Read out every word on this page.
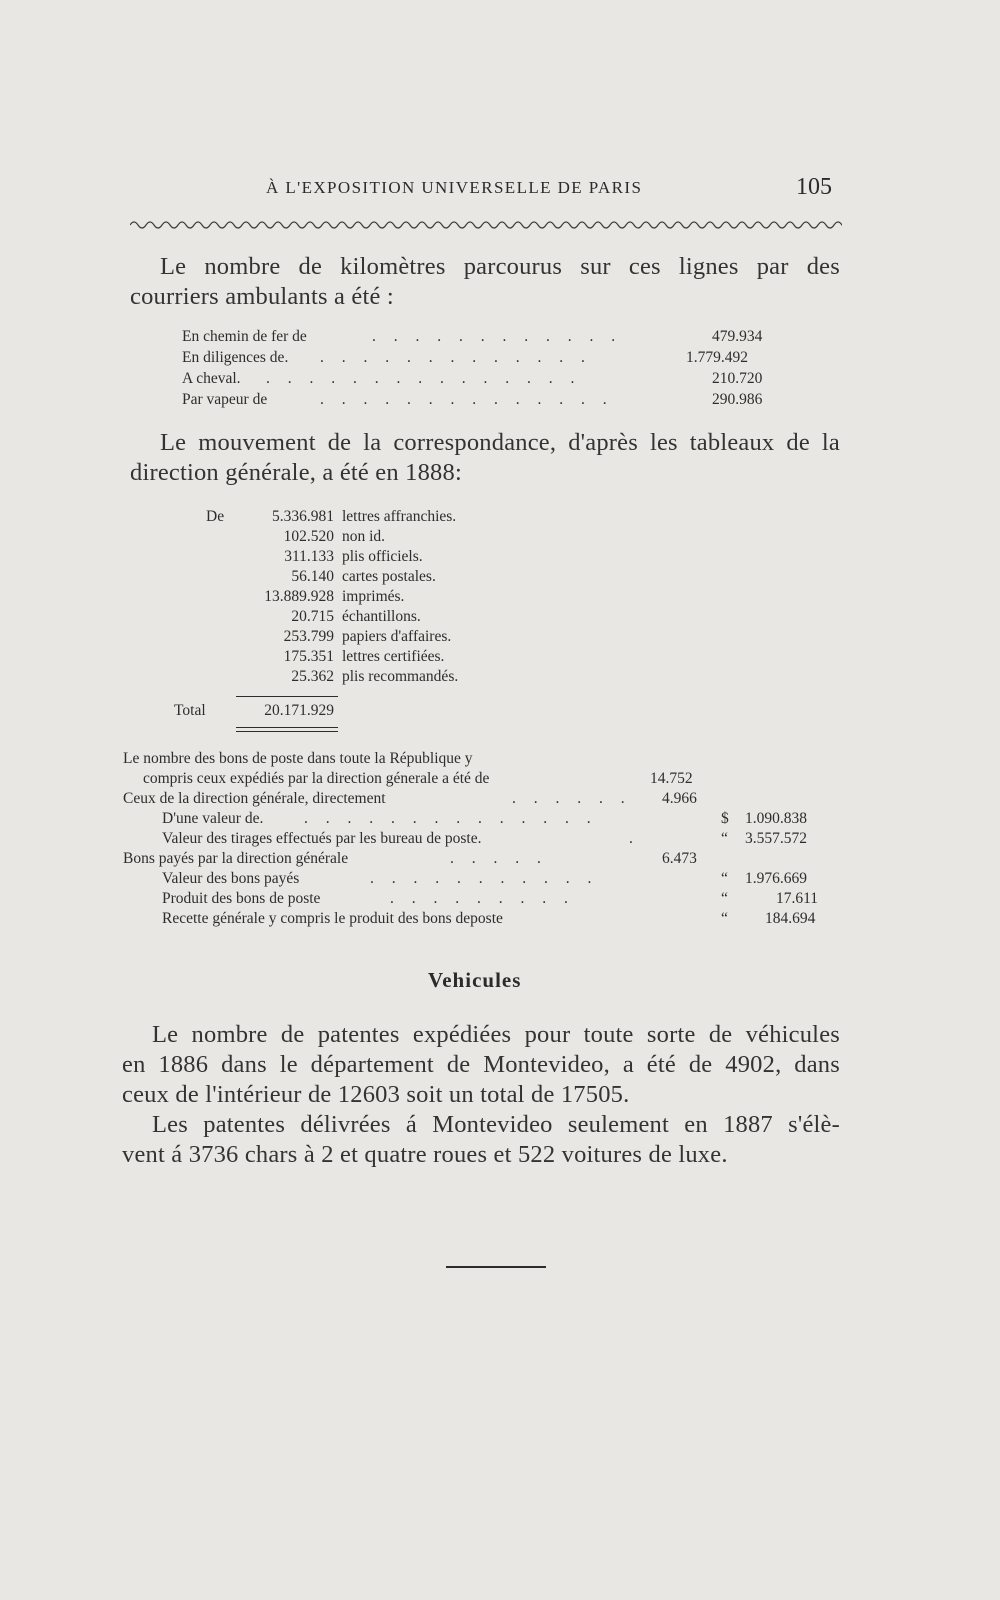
À L'EXPOSITION UNIVERSELLE DE PARIS	105
Le nombre de kilomètres parcourus sur ces lignes par des
courriers ambulants a été :
En chemin de fer de	. . . . . . . . . . . .	479.934
En diligences de. . . . . . . . . . . . . .	1.779.492
A cheval. . . . . . . . . . . . . . . .	210.720
Par vapeur de	. . . . . . . . . . . . . .	290.986
Le mouvement de la correspondance, d'après les tableaux de la
direction générale, a été en 1888:
De	5.336.981 lettres affranchies.
102.520 non id.
311.133 plis officiels.
56.140 cartes postales.
13.889.928 imprimés.
20.715 échantillons.
253.799 papiers d'affaires.
175.351 lettres certifiées.
25.362 plis recommandés.
Total	20.171.929
Le nombre des bons de poste dans toute la République y
compris ceux expédiés par la direction génerale a été de	14.752
Ceux de la direction générale, directement	. . . . . . 4.966
D'une valeur de.	. . . . . . . . . . . . . .	$ 1.090.838
Valeur des tirages effectués par les bureau de poste.	.	“ 3.557.572
Bons payés par la direction générale	. . . . .	6.473
Valeur des bons payés	. . . . . . . . . . .	“ 1.976.669
Produit des bons de poste	. . . . . . . . .	“	17.611
Recette générale y compris le produit des bons deposte	“ 184.694
Vehicules
Le nombre de patentes expédiées pour toute sorte de véhicules
en 1886 dans le département de Montevideo, a été de 4902, dans
ceux de l'intérieur de 12603 soit un total de 17505.
Les patentes délivrées á Montevideo seulement en 1887 s'élè-
vent á 3736 chars à 2 et quatre roues et 522 voitures de luxe.
